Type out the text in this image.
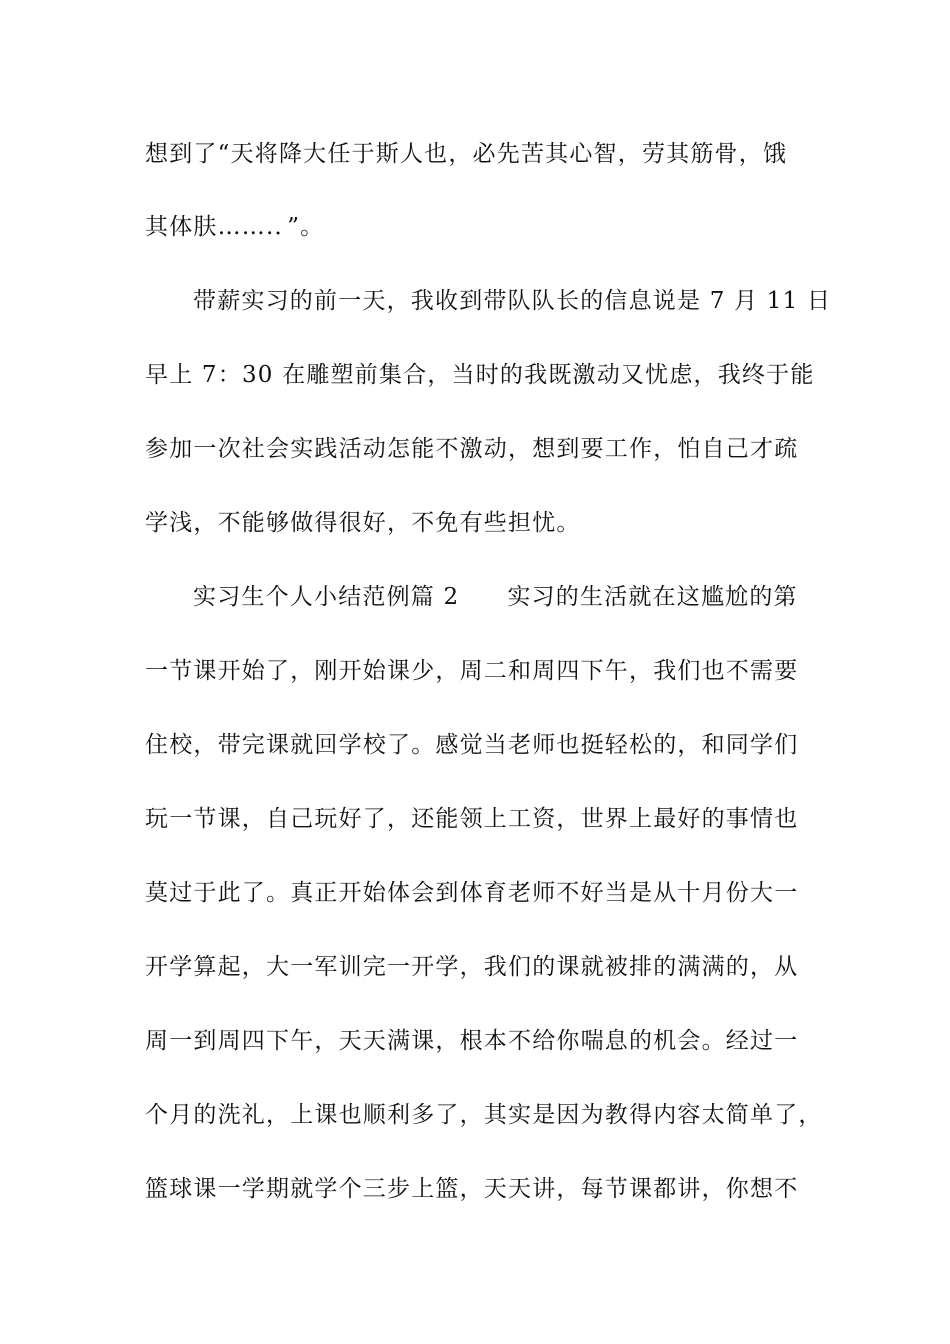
想到了“天将降大任于斯人也，必先苦其心智，劳其筋骨，饿
其体肤…….．”。
带薪实习的前一天，我收到带队队长的信息说是 7 月 11 日
早上 7：30 在雕塑前集合，当时的我既激动又忧虑，我终于能
参加一次社会实践活动怎能不激动，想到要工作，怕自己才疏
学浅，不能够做得很好，不免有些担忧。
实习生个人小结范例篇 2 实习的生活就在这尴尬的第
一节课开始了，刚开始课少，周二和周四下午，我们也不需要
住校，带完课就回学校了。感觉当老师也挺轻松的，和同学们
玩一节课，自己玩好了，还能领上工资，世界上最好的事情也
莫过于此了。真正开始体会到体育老师不好当是从十月份大一
开学算起，大一军训完一开学，我们的课就被排的满满的，从
周一到周四下午，天天满课，根本不给你喘息的机会。经过一
个月的洗礼，上课也顺利多了，其实是因为教得内容太简单了，
篮球课一学期就学个三步上篮，天天讲，每节课都讲，你想不
